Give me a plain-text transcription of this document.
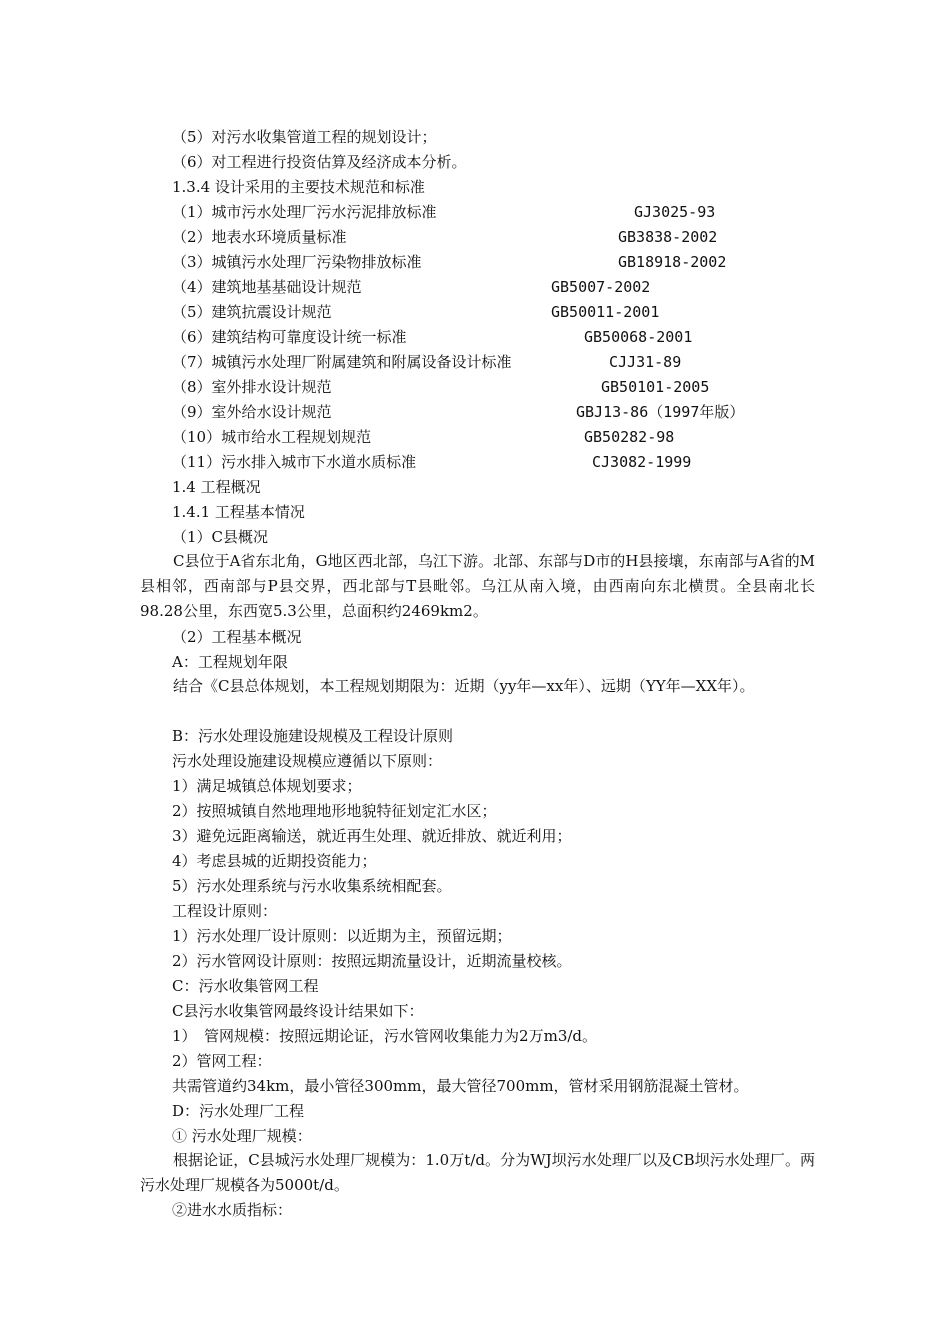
（5）对污水收集管道工程的规划设计；
（6）对工程进行投资估算及经济成本分析。
1.3.4 设计采用的主要技术规范和标准
（1）城市污水处理厂污水污泥排放标准	GJ3025-93
（2）地表水环境质量标准	GB3838-2002
（3）城镇污水处理厂污染物排放标准	GB18918-2002
（4）建筑地基基础设计规范	GB5007-2002
（5）建筑抗震设计规范	GB50011-2001
（6）建筑结构可靠度设计统一标准	GB50068-2001
（7）城镇污水处理厂附属建筑和附属设备设计标准	CJJ31-89
（8）室外排水设计规范	GB50101-2005
（9）室外给水设计规范	GBJ13-86（1997年版）
（10）城市给水工程规划规范	GB50282-98
（11）污水排入城市下水道水质标准	CJ3082-1999
1.4 工程概况
1.4.1 工程基本情况
（1）C县概况
C县位于A省东北角，G地区西北部，乌江下游。北部、东部与D市的H县接壤，东南部与A省的M县相邻，西南部与P县交界，西北部与T县毗邻。乌江从南入境，由西南向东北横贯。全县南北长98.28公里，东西宽5.3公里，总面积约2469km2。
（2）工程基本概况
A：工程规划年限
结合《C县总体规划，本工程规划期限为：近期（yy年—xx年）、远期（YY年—XX年）。
B：污水处理设施建设规模及工程设计原则
污水处理设施建设规模应遵循以下原则：
1）满足城镇总体规划要求；
2）按照城镇自然地理地形地貌特征划定汇水区；
3）避免远距离输送，就近再生处理、就近排放、就近利用；
4）考虑县城的近期投资能力；
5）污水处理系统与污水收集系统相配套。
工程设计原则：
1）污水处理厂设计原则：以近期为主，预留远期；
2）污水管网设计原则：按照远期流量设计，近期流量校核。
C：污水收集管网工程
C县污水收集管网最终设计结果如下：
1）　管网规模：按照远期论证，污水管网收集能力为2万m3/d。
2）管网工程：
共需管道约34km，最小管径300mm，最大管径700mm，管材采用钢筋混凝土管材。
D：污水处理厂工程
① 污水处理厂规模：
根据论证，C县城污水处理厂规模为：1.0万t/d。分为WJ坝污水处理厂以及CB坝污水处理厂。两污水处理厂规模各为5000t/d。
②进水水质指标：
